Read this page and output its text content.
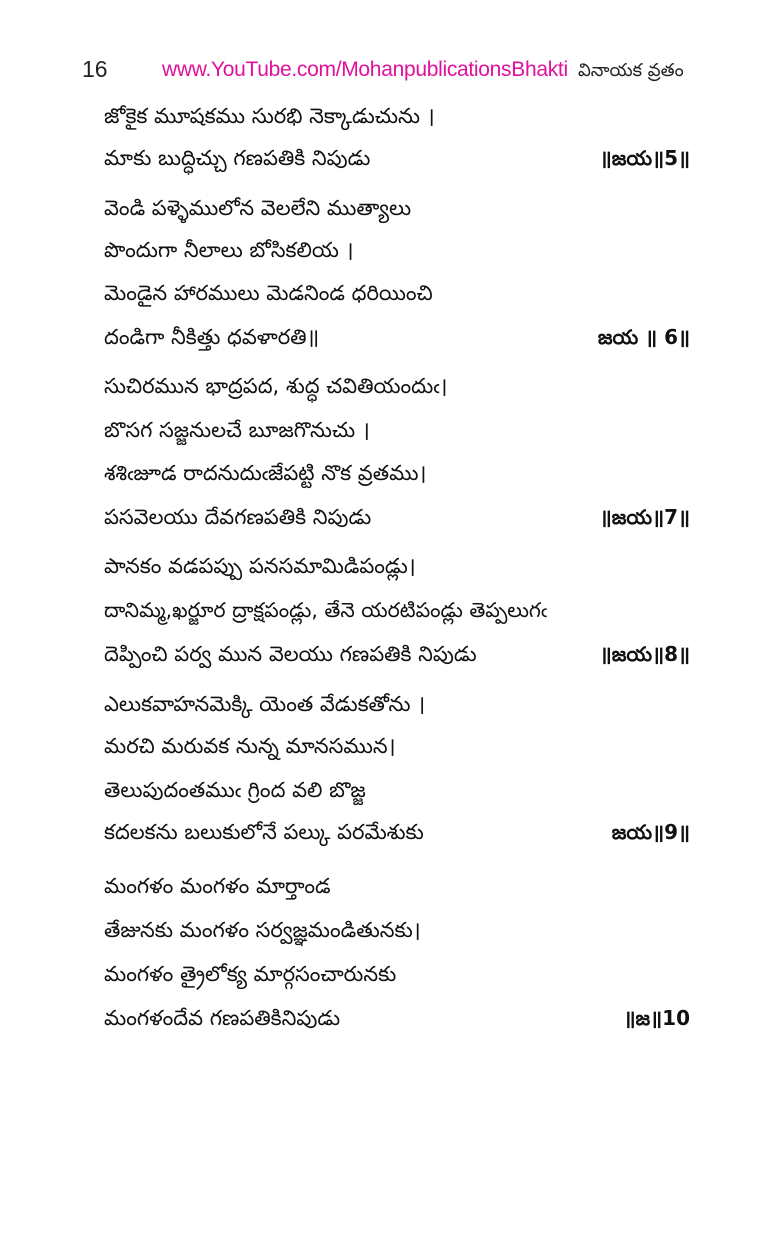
16	www.YouTube.com/MohanpublicationsBhakti వినాయక వ్రతం
జోకైక మూషకము సురభి నెక్కాడుచును ।
మాకు బుద్ధిచ్చు గణపతికి నిపుడు	॥జయ॥5॥
వెండి పళ్ళెములోన వెలలేని ముత్యాలు
పొందుగా నీలాలు బోసికలియ ।
మెండైన హారములు మెడనిండ ధరియించి
దండిగా నీకిత్తు ధవళారతి॥	జయ ॥ 6॥
సుచిరమున భాద్రపద, శుద్ధ చవితియందుఁ।
బొసగ సజ్జనులచే బూజగొనుచు ।
శశిఁజూడ రాదనుదుఁజేపట్టి నొక వ్రతము।
పసవెలయు దేవగణపతికి నిపుడు	॥జయ॥7॥
పానకం వడపప్పు పనసమామిడిపండ్లు।
దానిమ్మ,ఖర్జూర ద్రాక్షపండ్లు, తేనె యరటిపండ్లు తెప్పలుగఁ
దెప్పించి పర్వ మున వెలయు గణపతికి నిపుడు	॥జయ॥8॥
ఎలుకవాహనమెక్కి యెంత వేడుకతోను ।
మరచి మరువక నున్న మానసమున।
తెలుపుదంతముఁ గ్రింద వలి బొజ్జ
కదలకను బలుకులోనే పల్కు పరమేశుకు	జయ॥9॥
మంగళం మంగళం మార్తాండ
తేజునకు మంగళం సర్వజ్ఞమండితునకు।
మంగళం త్రైలోక్య మార్గసంచారునకు
మంగళందేవ గణపతికినిపుడు	॥జ॥10
